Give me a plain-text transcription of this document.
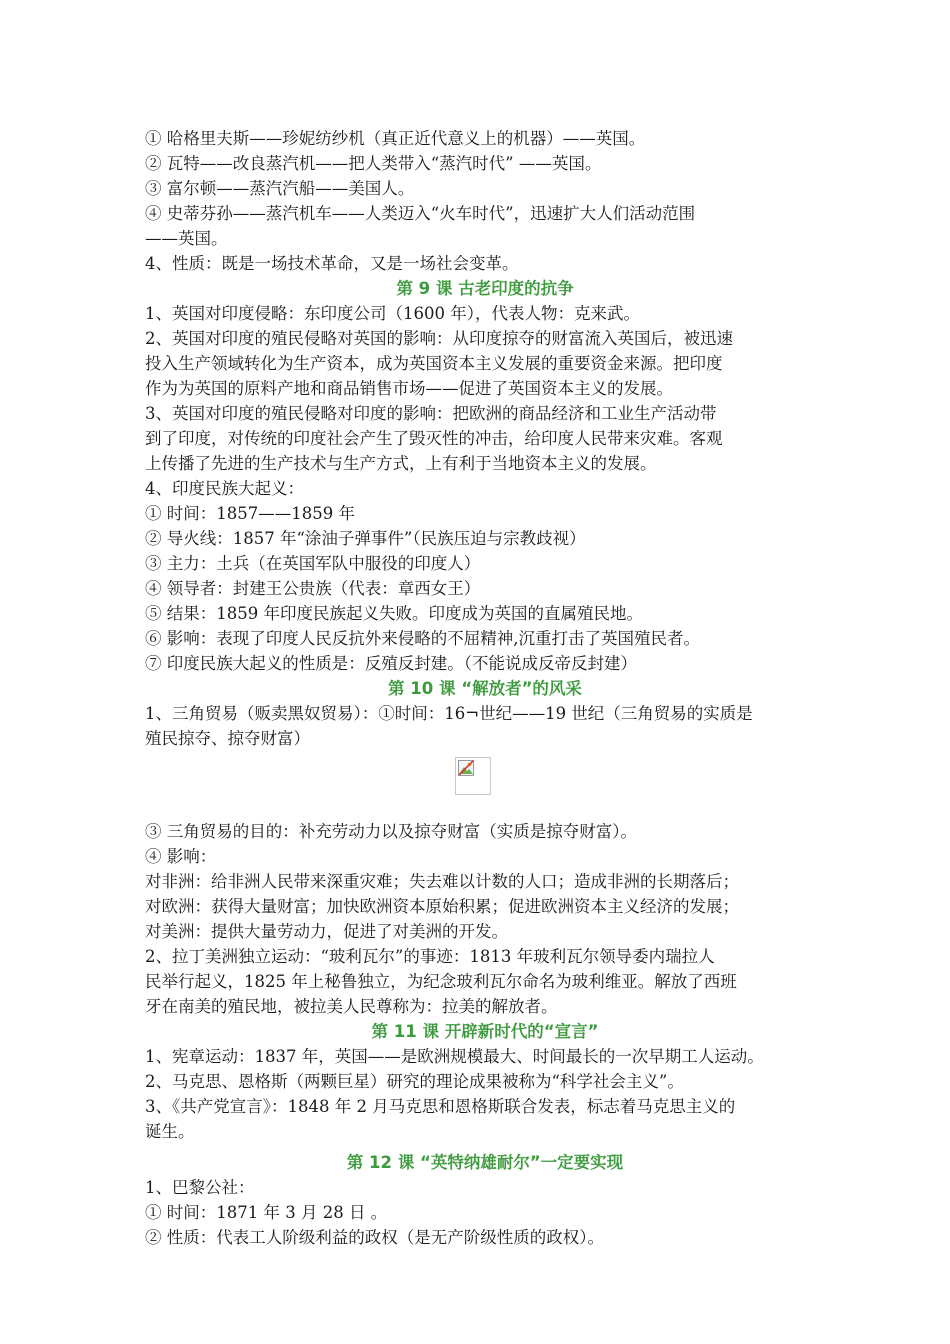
① 哈格里夫斯——珍妮纺纱机（真正近代意义上的机器）——英国。
② 瓦特——改良蒸汽机——把人类带入“蒸汽时代” ——英国。
③ 富尔顿——蒸汽汽船——美国人。
④ 史蒂芬孙——蒸汽机车——人类迈入“火车时代”，迅速扩大人们活动范围
——英国。
4、性质：既是一场技术革命，又是一场社会变革。
第 9 课 古老印度的抗争
1、英国对印度侵略：东印度公司（1600 年），代表人物：克来武。
2、英国对印度的殖民侵略对英国的影响：从印度掠夺的财富流入英国后，被迅速
投入生产领域转化为生产资本，成为英国资本主义发展的重要资金来源。把印度
作为为英国的原料产地和商品销售市场——促进了英国资本主义的发展。
3、英国对印度的殖民侵略对印度的影响：把欧洲的商品经济和工业生产活动带
到了印度，对传统的印度社会产生了毁灭性的冲击，给印度人民带来灾难。客观
上传播了先进的生产技术与生产方式，上有利于当地资本主义的发展。
4、印度民族大起义：
① 时间：1857——1859 年
② 导火线：1857 年“涂油子弹事件”（民族压迫与宗教歧视）
③ 主力：土兵（在英国军队中服役的印度人）
④ 领导者：封建王公贵族（代表：章西女王）
⑤ 结果：1859 年印度民族起义失败。印度成为英国的直属殖民地。
⑥ 影响：表现了印度人民反抗外来侵略的不屈精神,沉重打击了英国殖民者。
⑦ 印度民族大起义的性质是：反殖反封建。（不能说成反帝反封建）
第 10 课 “解放者”的风采
1、三角贸易（贩卖黑奴贸易）：①时间：16¬世纪——19 世纪（三角贸易的实质是
殖民掠夺、掠夺财富）
③ 三角贸易的目的：补充劳动力以及掠夺财富（实质是掠夺财富）。
④ 影响：
对非洲：给非洲人民带来深重灾难；失去难以计数的人口；造成非洲的长期落后；
对欧洲：获得大量财富；加快欧洲资本原始积累；促进欧洲资本主义经济的发展；
对美洲：提供大量劳动力，促进了对美洲的开发。
2、拉丁美洲独立运动：“玻利瓦尔”的事迹：1813 年玻利瓦尔领导委内瑞拉人
民举行起义，1825 年上秘鲁独立，为纪念玻利瓦尔命名为玻利维亚。解放了西班
牙在南美的殖民地，被拉美人民尊称为：拉美的解放者。
第 11 课 开辟新时代的“宣言”
1、宪章运动：1837 年，英国——是欧洲规模最大、时间最长的一次早期工人运动。
2、马克思、恩格斯（两颗巨星）研究的理论成果被称为“科学社会主义”。
3、《共产党宣言》：1848 年 2 月马克思和恩格斯联合发表，标志着马克思主义的
诞生。
第 12 课 “英特纳雄耐尔”一定要实现
1、巴黎公社：
① 时间：1871 年 3 月 28 日 。
② 性质：代表工人阶级利益的政权（是无产阶级性质的政权）。
